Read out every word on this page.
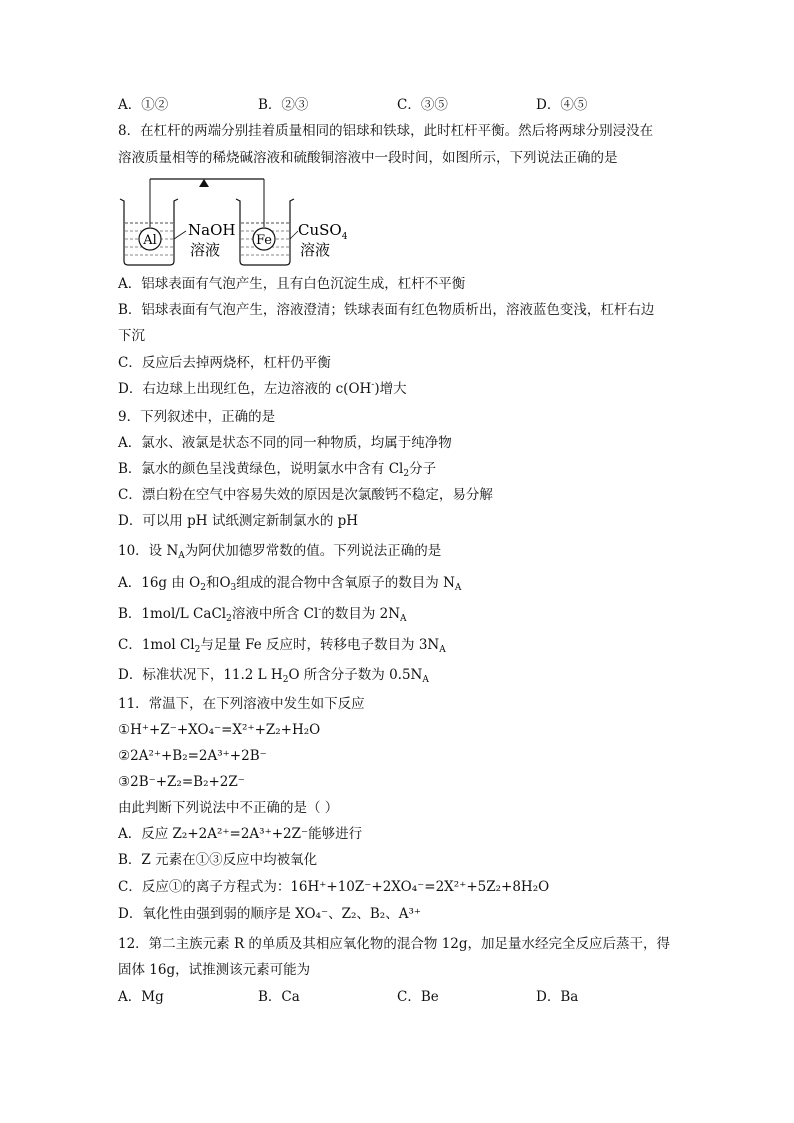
A．①②	B．②③	C．③⑤	D．④⑤
8．在杠杆的两端分别挂着质量相同的铝球和铁球，此时杠杆平衡。然后将两球分别浸没在
溶液质量相等的稀烧碱溶液和硫酸铜溶液中一段时间，如图所示，下列说法正确的是
Al	Fe
NaOH
溶液
CuSO$_4$
溶液
A．铝球表面有气泡产生，且有白色沉淀生成，杠杆不平衡
B．铝球表面有气泡产生，溶液澄清；铁球表面有红色物质析出，溶液蓝色变浅，杠杆右边
下沉
C．反应后去掉两烧杯，杠杆仍平衡
D．右边球上出现红色，左边溶液的 c(OH-)增大
9．下列叙述中，正确的是
A．氯水、液氯是状态不同的同一种物质，均属于纯净物
B．氯水的颜色呈浅黄绿色，说明氯水中含有 $Cl_2$分子
C．漂白粉在空气中容易失效的原因是次氯酸钙不稳定，易分解
D．可以用 pH 试纸测定新制氯水的 pH
10．设 $N_A$为阿伏加德罗常数的值。下列说法正确的是
A．16g 由 $O_2$和$O_3$组成的混合物中含氧原子的数目为 $N_A$
B．1mol/L CaCl$_2$溶液中所含 Cl-的数目为 $2N_A$
C．1mol $Cl_2$与足量 Fe 反应时，转移电子数目为 $3N_A$
D．标准状况下，11.2 L $H_2O$ 所含分子数为 $0.5N_A$
11．常温下，在下列溶液中发生如下反应
①H⁺+Z⁻+XO₄⁻=X²⁺+Z₂+H₂O
②2A²⁺+B₂=2A³⁺+2B⁻
③2B⁻+Z₂=B₂+2Z⁻
由此判断下列说法中不正确的是（ ）
A．反应 Z₂+2A²⁺=2A³⁺+2Z⁻能够进行
B．Z 元素在①③反应中均被氧化
C．反应①的离子方程式为：16H⁺+10Z⁻+2XO₄⁻=2X²⁺+5Z₂+8H₂O
D．氧化性由强到弱的顺序是 XO₄⁻、Z₂、B₂、A³⁺
12．第二主族元素 R 的单质及其相应氧化物的混合物 12g，加足量水经完全反应后蒸干，得
固体 16g，试推测该元素可能为
A．Mg	B．Ca	C．Be	D．Ba
